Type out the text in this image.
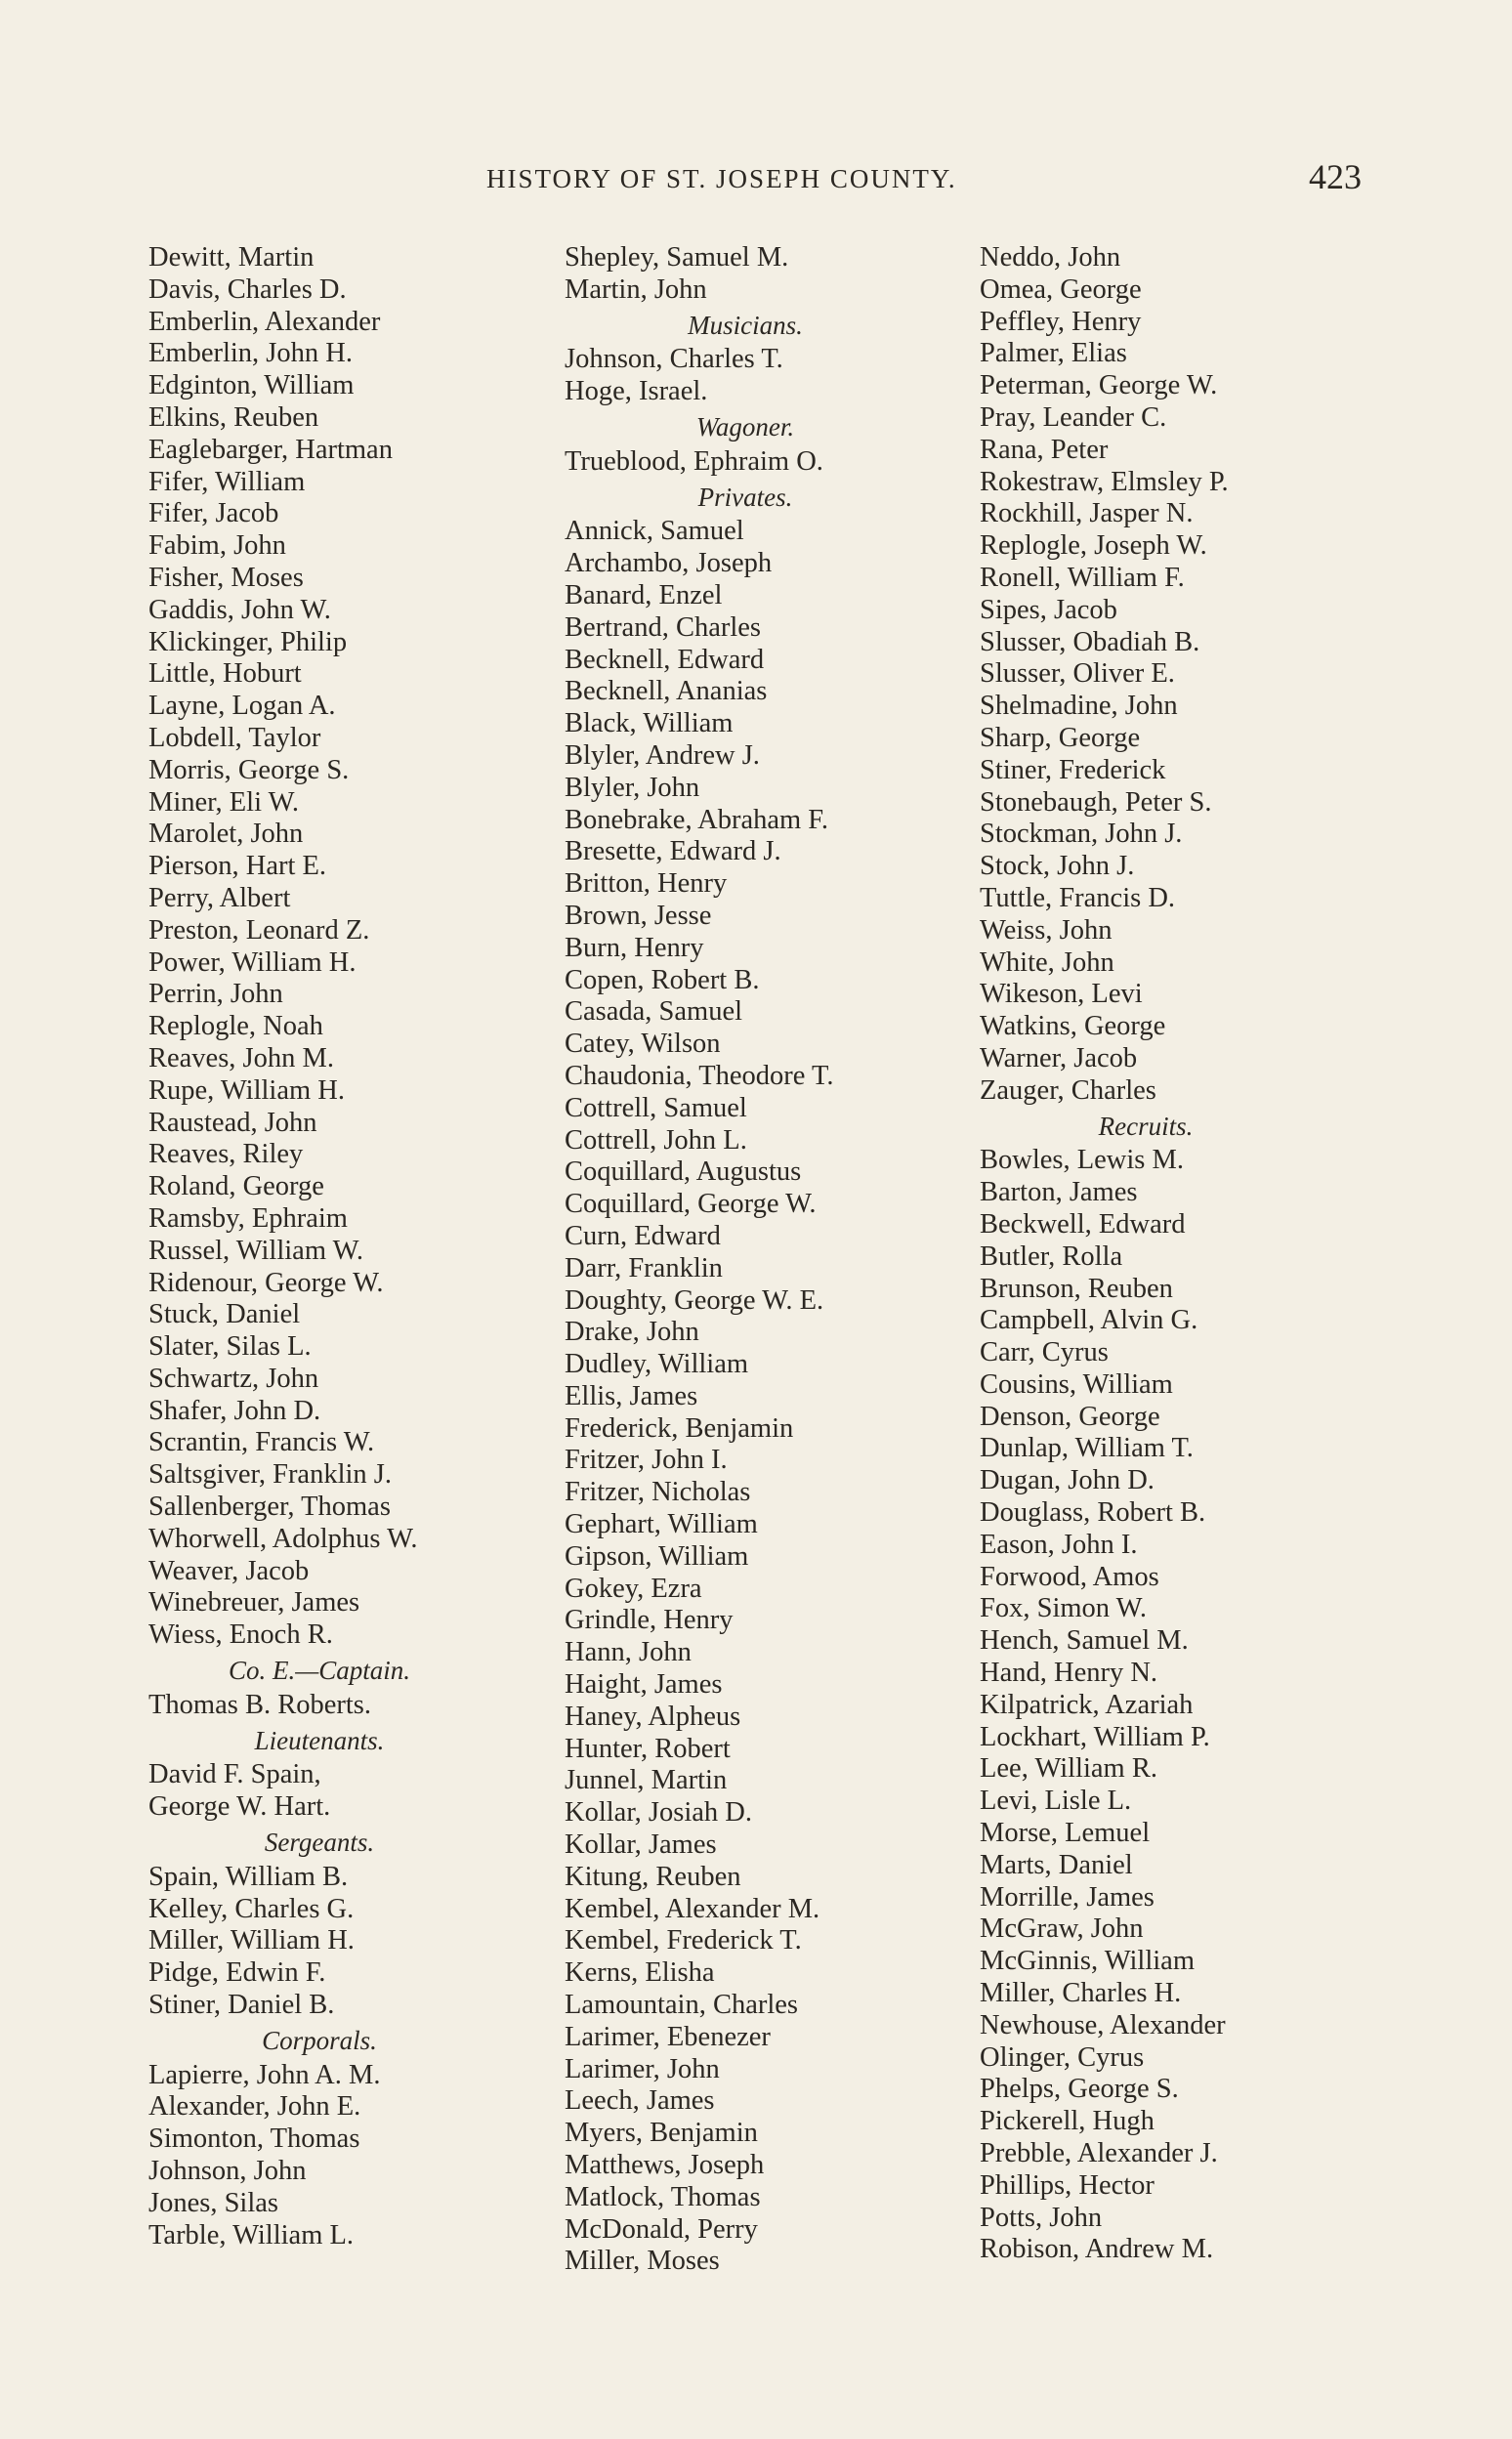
HISTORY OF ST. JOSEPH COUNTY.	423
Dewitt, Martin
Davis, Charles D.
Emberlin, Alexander
Emberlin, John H.
Edginton, William
Elkins, Reuben
Eaglebarger, Hartman
Fifer, William
Fifer, Jacob
Fabim, John
Fisher, Moses
Gaddis, John W.
Klickinger, Philip
Little, Hoburt
Layne, Logan A.
Lobdell, Taylor
Morris, George S.
Miner, Eli W.
Marolet, John
Pierson, Hart E.
Perry, Albert
Preston, Leonard Z.
Power, William H.
Perrin, John
Replogle, Noah
Reaves, John M.
Rupe, William H.
Raustead, John
Reaves, Riley
Roland, George
Ramsby, Ephraim
Russel, William W.
Ridenour, George W.
Stuck, Daniel
Slater, Silas L.
Schwartz, John
Shafer, John D.
Scrantin, Francis W.
Saltsgiver, Franklin J.
Sallenberger, Thomas
Whorwell, Adolphus W.
Weaver, Jacob
Winebreuer, James
Wiess, Enoch R.
Co. E.—Captain.
Thomas B. Roberts.
Lieutenants.
David F. Spain,
George W. Hart.
Sergeants.
Spain, William B.
Kelley, Charles G.
Miller, William H.
Pidge, Edwin F.
Stiner, Daniel B.
Corporals.
Lapierre, John A. M.
Alexander, John E.
Simonton, Thomas
Johnson, John
Jones, Silas
Tarble, William L.
Shepley, Samuel M.
Martin, John
Musicians.
Johnson, Charles T.
Hoge, Israel.
Wagoner.
Trueblood, Ephraim O.
Privates.
Annick, Samuel
Archambo, Joseph
Banard, Enzel
Bertrand, Charles
Becknell, Edward
Becknell, Ananias
Black, William
Blyler, Andrew J.
Blyler, John
Bonebrake, Abraham F.
Bresette, Edward J.
Britton, Henry
Brown, Jesse
Burn, Henry
Copen, Robert B.
Casada, Samuel
Catey, Wilson
Chaudonia, Theodore T.
Cottrell, Samuel
Cottrell, John L.
Coquillard, Augustus
Coquillard, George W.
Curn, Edward
Darr, Franklin
Doughty, George W. E.
Drake, John
Dudley, William
Ellis, James
Frederick, Benjamin
Fritzer, John I.
Fritzer, Nicholas
Gephart, William
Gipson, William
Gokey, Ezra
Grindle, Henry
Hann, John
Haight, James
Haney, Alpheus
Hunter, Robert
Junnel, Martin
Kollar, Josiah D.
Kollar, James
Kitung, Reuben
Kembel, Alexander M.
Kembel, Frederick T.
Kerns, Elisha
Lamountain, Charles
Larimer, Ebenezer
Larimer, John
Leech, James
Myers, Benjamin
Matthews, Joseph
Matlock, Thomas
McDonald, Perry
Miller, Moses
Neddo, John
Omea, George
Peffley, Henry
Palmer, Elias
Peterman, George W.
Pray, Leander C.
Rana, Peter
Rokestraw, Elmsley P.
Rockhill, Jasper N.
Replogle, Joseph W.
Ronell, William F.
Sipes, Jacob
Slusser, Obadiah B.
Slusser, Oliver E.
Shelmadine, John
Sharp, George
Stiner, Frederick
Stonebaugh, Peter S.
Stockman, John J.
Stock, John J.
Tuttle, Francis D.
Weiss, John
White, John
Wikeson, Levi
Watkins, George
Warner, Jacob
Zauger, Charles
Recruits.
Bowles, Lewis M.
Barton, James
Beckwell, Edward
Butler, Rolla
Brunson, Reuben
Campbell, Alvin G.
Carr, Cyrus
Cousins, William
Denson, George
Dunlap, William T.
Dugan, John D.
Douglass, Robert B.
Eason, John I.
Forwood, Amos
Fox, Simon W.
Hench, Samuel M.
Hand, Henry N.
Kilpatrick, Azariah
Lockhart, William P.
Lee, William R.
Levi, Lisle L.
Morse, Lemuel
Marts, Daniel
Morrille, James
McGraw, John
McGinnis, William
Miller, Charles H.
Newhouse, Alexander
Olinger, Cyrus
Phelps, George S.
Pickerell, Hugh
Prebble, Alexander J.
Phillips, Hector
Potts, John
Robison, Andrew M.
